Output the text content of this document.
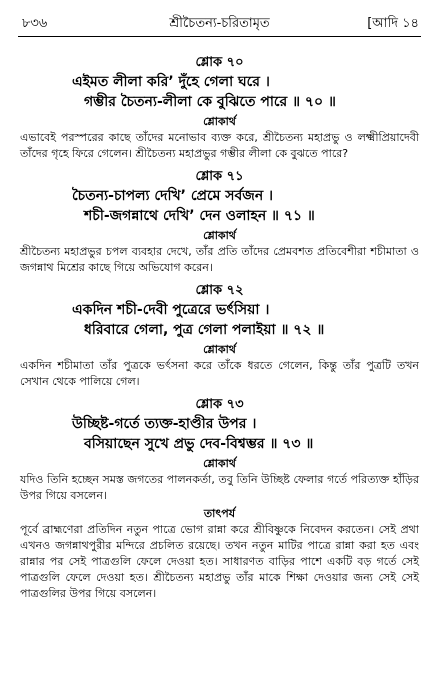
৮৩৬	শ্রীচৈতন্য-চরিতামৃত	[আদি ১৪
শ্লোক ৭০
এইমত লীলা করি’ দুঁহে গেলা ঘরে ।
গম্ভীর চৈতন্য-লীলা কে বুঝিতে পারে ॥ ৭০ ॥
শ্লোকার্থ
এভাবেই পরস্পরের কাছে তাঁদের মনোভাব ব্যক্ত করে, শ্রীচৈতন্য মহাপ্রভু ও লক্ষ্মীপ্রিয়াদেবী তাঁদের গৃহে ফিরে গেলেন। শ্রীচৈতন্য মহাপ্রভুর গম্ভীর লীলা কে বুঝতে পারে?
শ্লোক ৭১
চৈতন্য-চাপল্য দেখি’ প্রেমে সর্বজন ।
শচী-জগন্নাথে দেখি’ দেন ওলাহন ॥ ৭১ ॥
শ্লোকার্থ
শ্রীচৈতন্য মহাপ্রভুর চপল ব্যবহার দেখে, তাঁর প্রতি তাঁদের প্রেমবশত প্রতিবেশীরা শচীমাতা ও জগন্নাথ মিশ্রের কাছে গিয়ে অভিযোগ করেন।
শ্লোক ৭২
একদিন শচী-দেবী পুত্রেরে ভর্ৎসিয়া ।
ধরিবারে গেলা, পুত্র গেলা পলাইয়া ॥ ৭২ ॥
শ্লোকার্থ
একদিন শচীমাতা তাঁর পুত্রকে ভর্ৎসনা করে তাঁকে ধরতে গেলেন, কিন্তু তাঁর পুত্রটি তখন সেখান থেকে পালিয়ে গেল।
শ্লোক ৭৩
উচ্ছিষ্ট-গর্তে ত্যক্ত-হাণ্ডীর উপর ।
বসিয়াছেন সুখে প্রভু দেব-বিশ্বম্ভর ॥ ৭৩ ॥
শ্লোকার্থ
যদিও তিনি হচ্ছেন সমস্ত জগতের পালনকর্তা, তবু তিনি উচ্ছিষ্ট ফেলার গর্তে পরিত্যক্ত হাঁড়ির উপর গিয়ে বসলেন।
তাৎপর্য
পূর্বে ব্রাহ্মণেরা প্রতিদিন নতুন পাত্রে ভোগ রান্না করে শ্রীবিষ্ণুকে নিবেদন করতেন। সেই প্রথা এখনও জগন্নাথপুরীর মন্দিরে প্রচলিত রয়েছে। তখন নতুন মাটির পাত্রে রান্না করা হত এবং রান্নার পর সেই পাত্রগুলি ফেলে দেওয়া হত। সাধারণত বাড়ির পাশে একটি বড় গর্তে সেই পাত্রগুলি ফেলে দেওয়া হত। শ্রীচৈতন্য মহাপ্রভু তাঁর মাকে শিক্ষা দেওয়ার জন্য সেই সেই পাত্রগুলির উপর গিয়ে বসলেন।
